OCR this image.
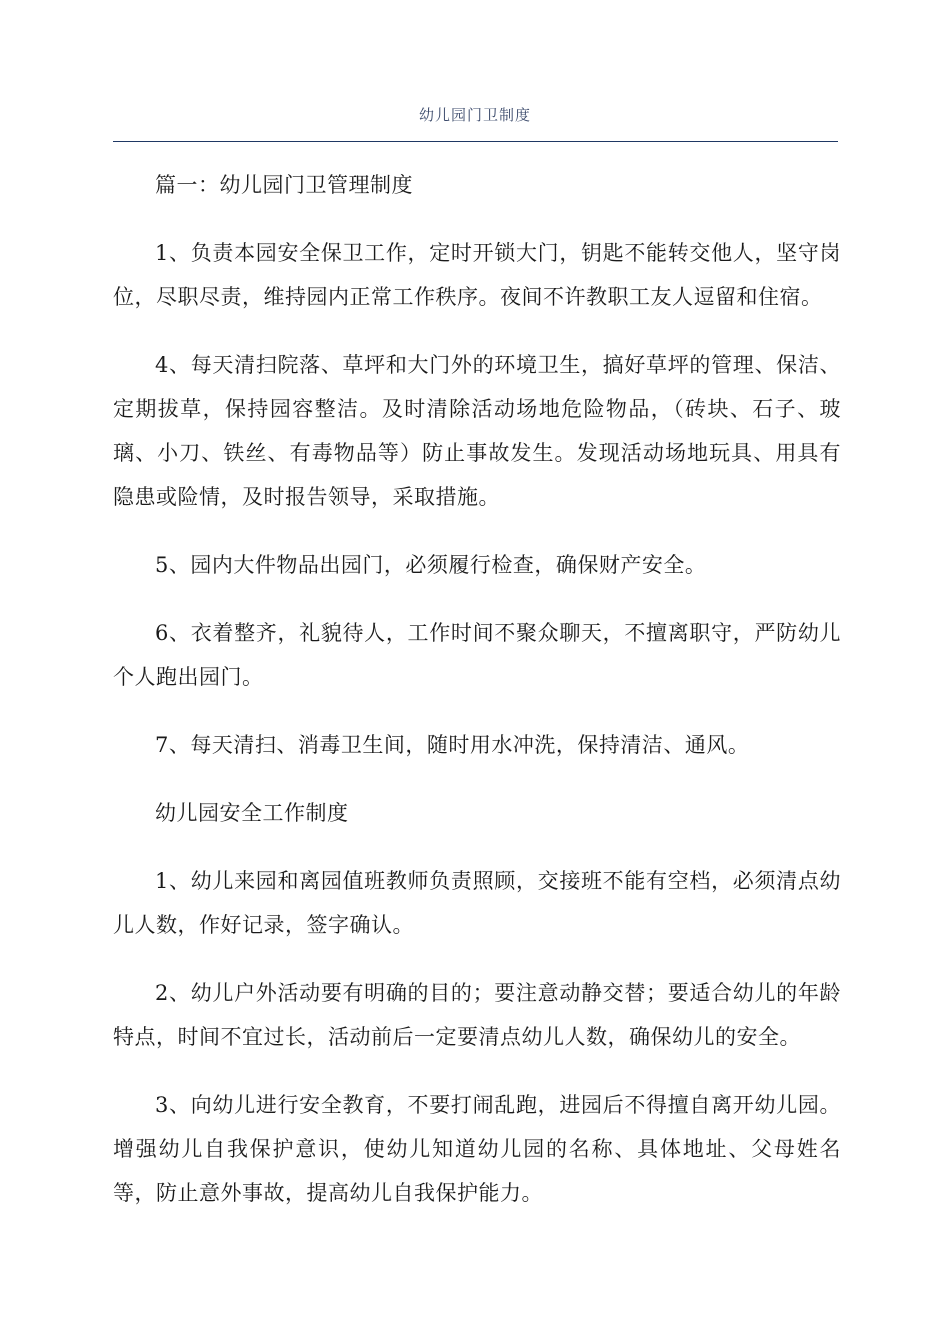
幼儿园门卫制度

篇一：幼儿园门卫管理制度

1、负责本园安全保卫工作，定时开锁大门，钥匙不能转交他人，坚守岗位，尽职尽责，维持园内正常工作秩序。夜间不许教职工友人逗留和住宿。

4、每天清扫院落、草坪和大门外的环境卫生，搞好草坪的管理、保洁、定期拔草，保持园容整洁。及时清除活动场地危险物品，（砖块、石子、玻璃、小刀、铁丝、有毒物品等）防止事故发生。发现活动场地玩具、用具有隐患或险情，及时报告领导，采取措施。

5、园内大件物品出园门，必须履行检查，确保财产安全。

6、衣着整齐，礼貌待人，工作时间不聚众聊天，不擅离职守，严防幼儿个人跑出园门。

7、每天清扫、消毒卫生间，随时用水冲洗，保持清洁、通风。

幼儿园安全工作制度

1、幼儿来园和离园值班教师负责照顾，交接班不能有空档，必须清点幼儿人数，作好记录，签字确认。

2、幼儿户外活动要有明确的目的；要注意动静交替；要适合幼儿的年龄特点，时间不宜过长，活动前后一定要清点幼儿人数，确保幼儿的安全。

3、向幼儿进行安全教育，不要打闹乱跑，进园后不得擅自离开幼儿园。增强幼儿自我保护意识，使幼儿知道幼儿园的名称、具体地址、父母姓名等，防止意外事故，提高幼儿自我保护能力。
